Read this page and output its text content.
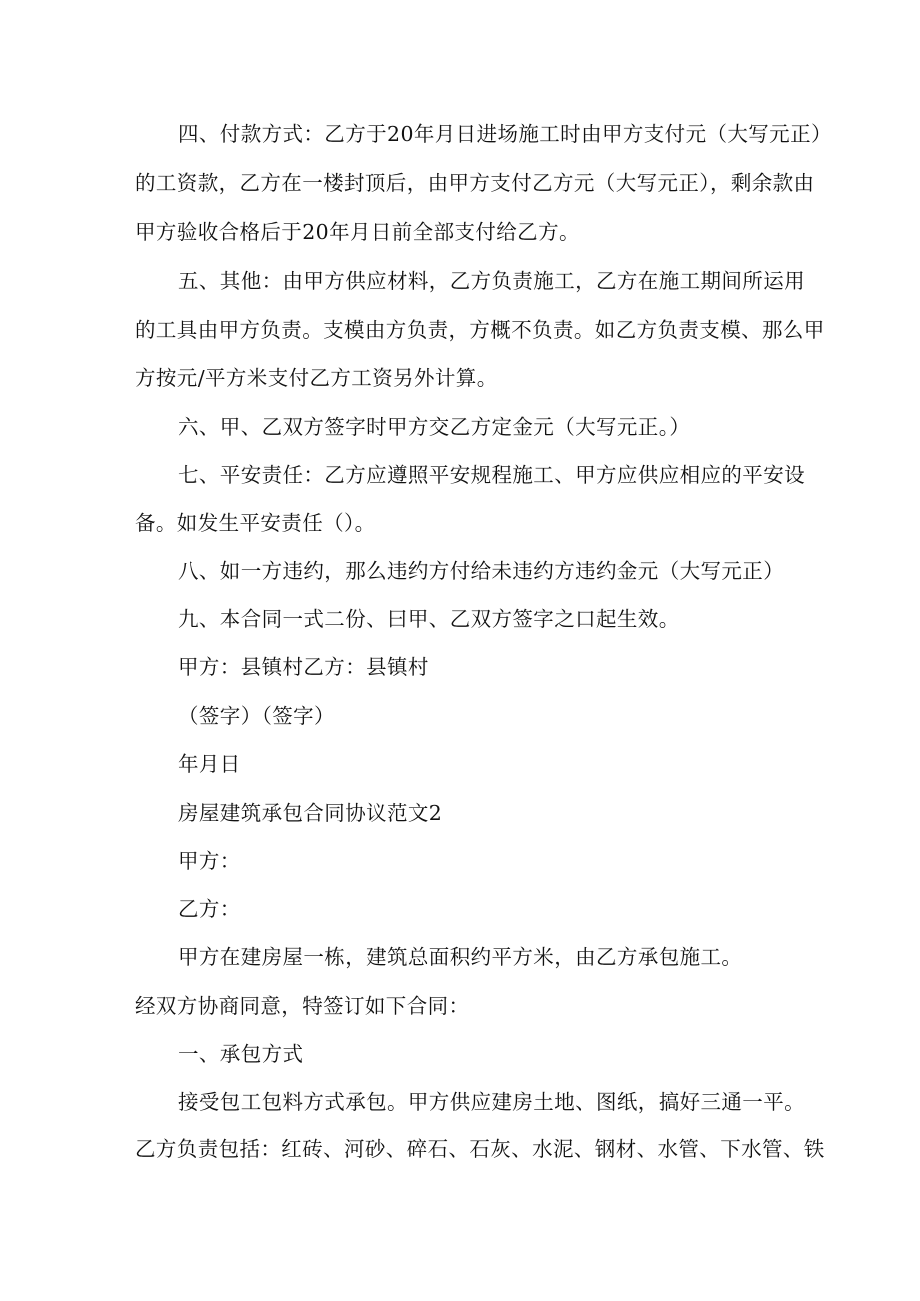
四、付款方式：乙方于20年月日进场施工时由甲方支付元（大写元正）
的工资款，乙方在一楼封顶后，由甲方支付乙方元（大写元正），剩余款由
甲方验收合格后于20年月日前全部支付给乙方。
五、其他：由甲方供应材料，乙方负责施工，乙方在施工期间所运用
的工具由甲方负责。支模由方负责，方概不负责。如乙方负责支模、那么甲
方按元/平方米支付乙方工资另外计算。
六、甲、乙双方签字时甲方交乙方定金元（大写元正。）
七、平安责任：乙方应遵照平安规程施工、甲方应供应相应的平安设
备。如发生平安责任（）。
八、如一方违约，那么违约方付给未违约方违约金元（大写元正）
九、本合同一式二份、曰甲、乙双方签字之口起生效。
甲方：县镇村乙方：县镇村
（签字）（签字）
年月日
房屋建筑承包合同协议范文2
甲方：
乙方：
甲方在建房屋一栋，建筑总面积约平方米，由乙方承包施工。
经双方协商同意，特签订如下合同：
一、承包方式
接受包工包料方式承包。甲方供应建房土地、图纸，搞好三通一平。
乙方负责包括：红砖、河砂、碎石、石灰、水泥、钢材、水管、下水管、铁
